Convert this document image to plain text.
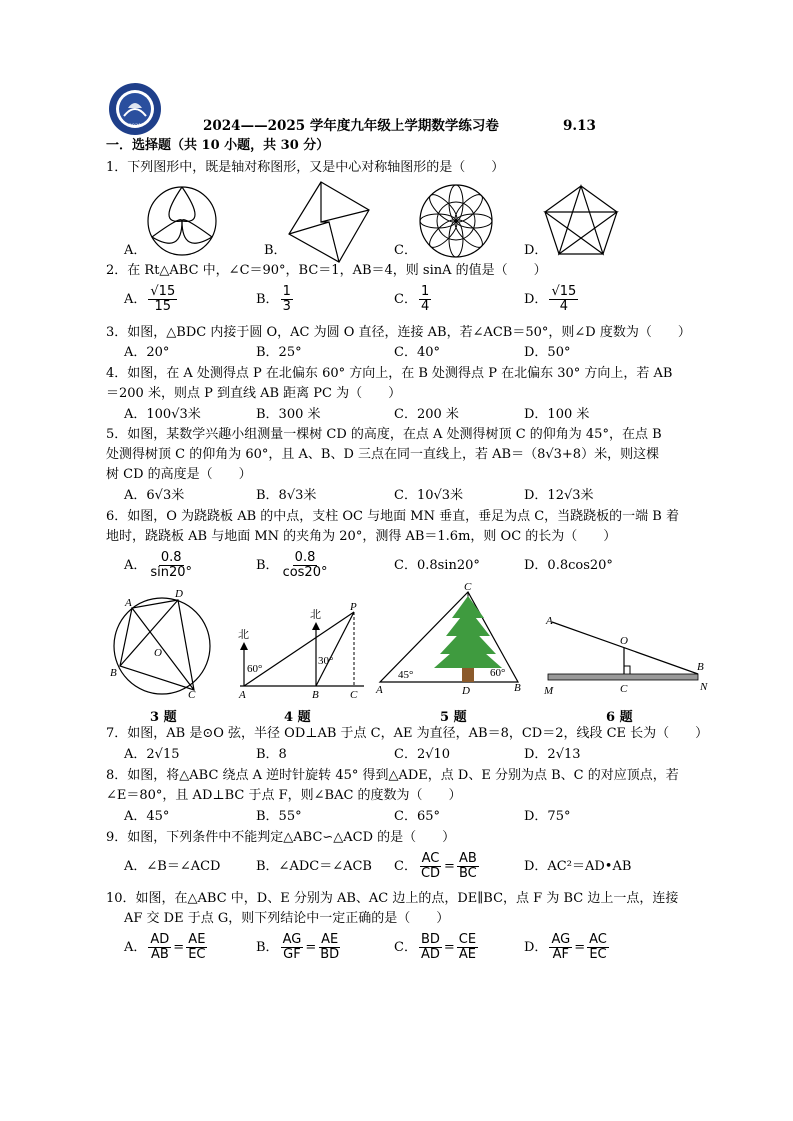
2021	2024——2025 学年度九年级上学期数学练习卷	9.13
一．选择题（共 10 小题，共 30 分）
1．下列图形中，既是轴对称图形，又是中心对称轴图形的是（　　）
A．	B．	C．	D．
2．在 Rt△ABC 中，∠C＝90°，BC＝1，AB＝4，则 sinA 的值是（　　）
A． $\frac{√15}{15}$	B． $\frac{1}{3}$	C． $\frac{1}{4}$	D． $\frac{√15}{4}$
3．如图，△BDC 内接于圆 O，AC 为圆 O 直径，连接 AB，若∠ACB＝50°，则∠D 度数为（　　）
A．20°	B．25°	C．40°	D．50°
4．如图，在 A 处测得点 P 在北偏东 60° 方向上，在 B 处测得点 P 在北偏东 30° 方向上，若 AB
＝200 米，则点 P 到直线 AB 距离 PC 为（　　）
A．100√3米	B．300 米	C．200 米	D．100 米
5．如图，某数学兴趣小组测量一棵树 CD 的高度，在点 A 处测得树顶 C 的仰角为 45°，在点 B
处测得树顶 C 的仰角为 60°，且 A、B、D 三点在同一直线上，若 AB＝（8√3+8）米，则这棵
树 CD 的高度是（　　）
A．6√3米	B．8√3米	C．10√3米	D．12√3米
6．如图，O 为跷跷板 AB 的中点，支柱 OC 与地面 MN 垂直，垂足为点 C，当跷跷板的一端 B 着
地时，跷跷板 AB 与地面 MN 的夹角为 20°，测得 AB＝1.6m，则 OC 的长为（　　）
A． $\frac{0.8}{\sin 20^\circ}$	B． $\frac{0.8}{\cos 20^\circ}$	C．0.8sin20°	D．0.8cos20°
A
D
O
B
C
北
北
P
60°
30°
A	B	C
C
45°	60°
A	D	B
A
O
B
M	C	N
3 题	4 题	5 题	6 题
7．如图，AB 是⊙O 弦，半径 OD⊥AB 于点 C，AE 为直径，AB＝8，CD＝2，线段 CE 长为（　　）
A．2√15	B．8	C．2√10	D．2√13
8．如图，将△ABC 绕点 A 逆时针旋转 45° 得到△ADE，点 D、E 分别为点 B、C 的对应顶点，若
∠E＝80°，且 AD⊥BC 于点 F，则∠BAC 的度数为（　　）
A．45°	B．55°	C．65°	D．75°
9．如图，下列条件中不能判定△ABC∽△ACD 的是（　　）
A．∠B＝∠ACD	B．∠ADC＝∠ACB C． $\frac{AC}{CD} = \frac{AB}{BC}$	D．AC²＝AD•AB
10．如图，在△ABC 中，D、E 分别为 AB、AC 边上的点，DE∥BC，点 F 为 BC 边上一点，连接
AF 交 DE 于点 G，则下列结论中一定正确的是（　　）
A． $\frac{AD}{AB} = \frac{AE}{EC}$	B． $\frac{AG}{GF} = \frac{AE}{BD}$	C． $\frac{BD}{AD} = \frac{CE}{AE}$	D． $\frac{AG}{AF} = \frac{AC}{EC}$
